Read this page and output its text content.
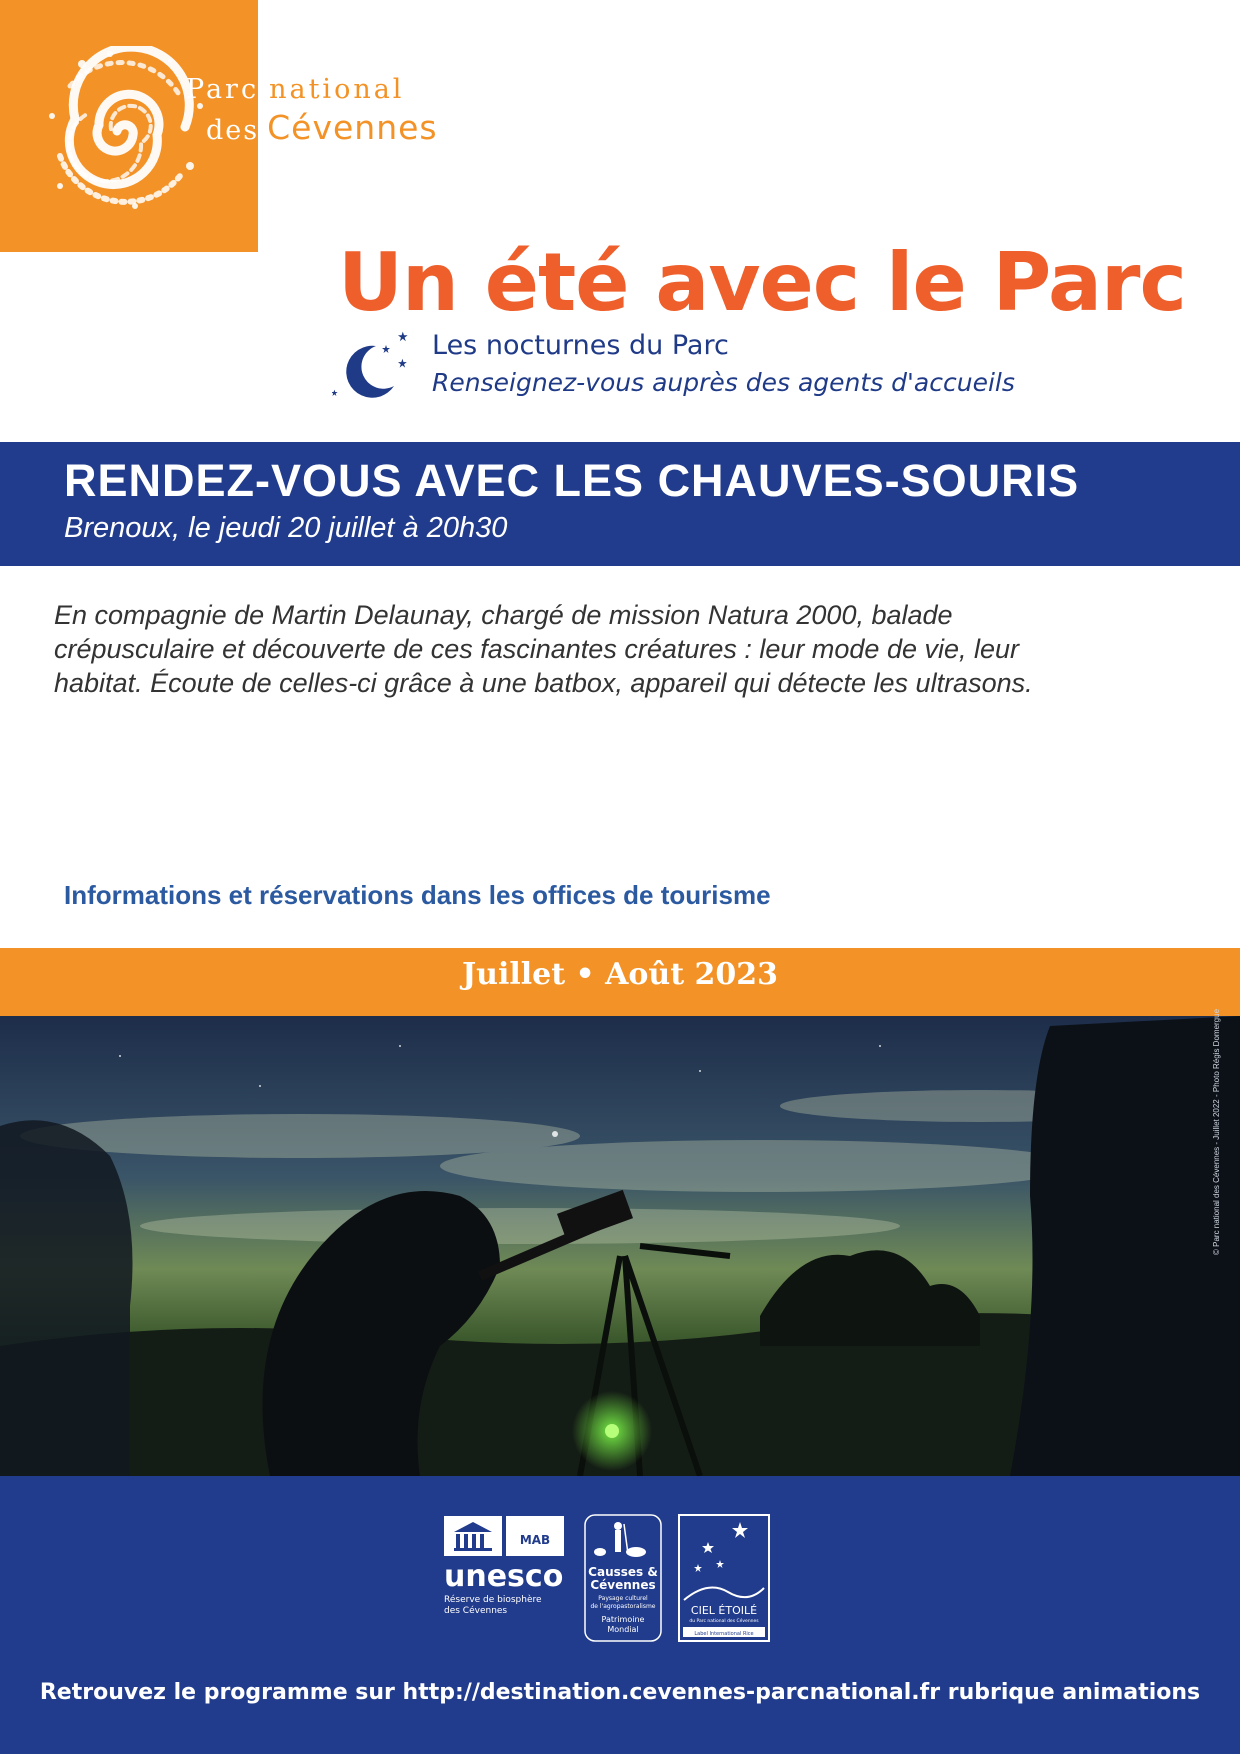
Parc national
des Cévennes
Un été avec le Parc
Les nocturnes du Parc
Renseignez-vous auprès des agents d'accueils
RENDEZ-VOUS AVEC LES CHAUVES-SOURIS
Brenoux, le jeudi 20 juillet à 20h30
En compagnie de Martin Delaunay, chargé de mission Natura 2000, balade
crépusculaire et découverte de ces fascinantes créatures : leur mode de vie, leur
habitat. Écoute de celles-ci grâce à une batbox, appareil qui détecte les ultrasons.
Informations et réservations dans les offices de tourisme
Juillet • Août 2023
© Parc national des Cévennes - Juillet 2022 - Photo Régis Domergue
MAB
unesco
Réserve de biosphère
des Cévennes
Causses &
Cévennes
Paysage culturel
de l'agropastoralisme
Patrimoine
Mondial
CIEL ÉTOILÉ
du Parc national des Cévennes
Label International Rice
Retrouvez le programme sur http://destination.cevennes-parcnational.fr rubrique animations
